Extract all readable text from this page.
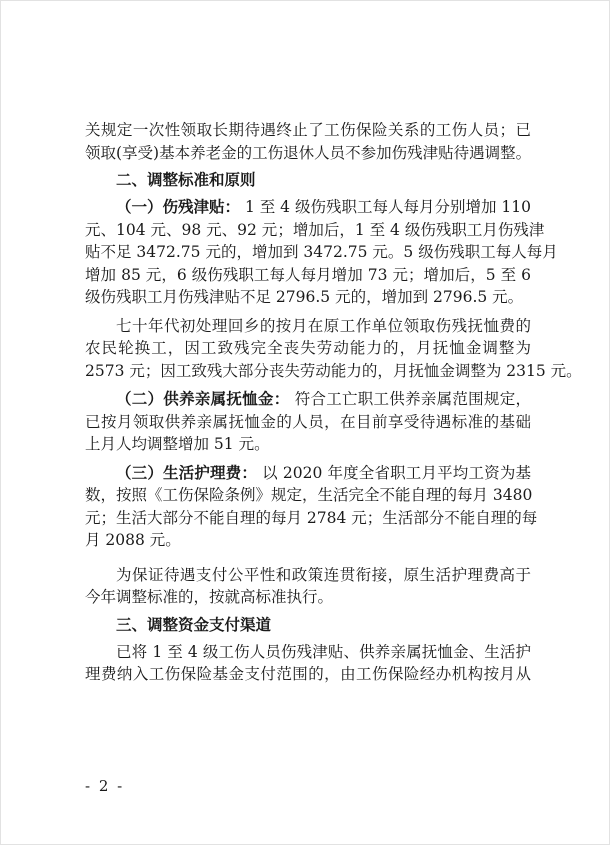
关规定一次性领取长期待遇终止了工伤保险关系的工伤人员；已
领取(享受)基本养老金的工伤退休人员不参加伤残津贴待遇调整。
二、调整标准和原则
（一）伤残津贴： 1 至 4 级伤残职工每人每月分别增加 110
元、104 元、98 元、92 元；增加后，1 至 4 级伤残职工月伤残津
贴不足 3472.75 元的，增加到 3472.75 元。5 级伤残职工每人每月
增加 85 元，6 级伤残职工每人每月增加 73 元；增加后，5 至 6
级伤残职工月伤残津贴不足 2796.5 元的，增加到 2796.5 元。
七十年代初处理回乡的按月在原工作单位领取伤残抚恤费的
农民轮换工，因工致残完全丧失劳动能力的，月抚恤金调整为
2573 元；因工致残大部分丧失劳动能力的，月抚恤金调整为 2315 元。
（二）供养亲属抚恤金： 符合工亡职工供养亲属范围规定，
已按月领取供养亲属抚恤金的人员，在目前享受待遇标准的基础
上月人均调整增加 51 元。
（三）生活护理费： 以 2020 年度全省职工月平均工资为基
数，按照《工伤保险条例》规定，生活完全不能自理的每月 3480
元；生活大部分不能自理的每月 2784 元；生活部分不能自理的每
月 2088 元。
为保证待遇支付公平性和政策连贯衔接，原生活护理费高于
今年调整标准的，按就高标准执行。
三、调整资金支付渠道
已将 1 至 4 级工伤人员伤残津贴、供养亲属抚恤金、生活护
理费纳入工伤保险基金支付范围的，由工伤保险经办机构按月从
- 2 -
